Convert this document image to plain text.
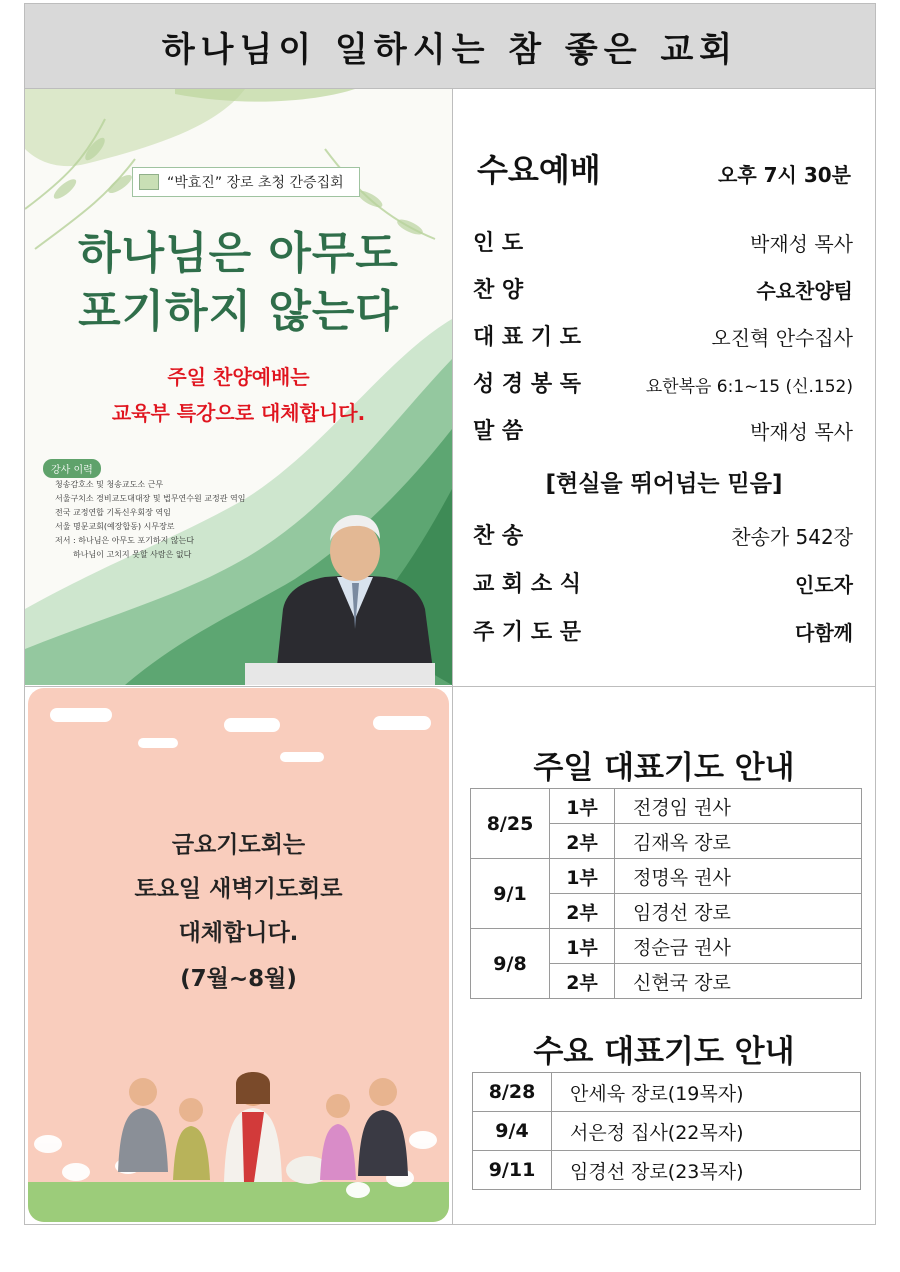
하나님이 일하시는 참 좋은 교회
“박효진” 장로 초청 간증집회
하나님은 아무도
포기하지 않는다
주일 찬양예배는
교육부 특강으로 대체합니다.
강사 이력
청송감호소 및 청송교도소 근무
서울구치소 경비교도대대장 및 법무연수원 교정관 역임
전국 교정연합 기독신우회장 역임
서울 명문교회(예장합동) 시무장로
저서 : 하나님은 아무도 포기하지 않는다
하나님이 고치지 못할 사람은 없다
수요예배	오후 7시 30분
인 도	박재성 목사
찬 양	수요찬양팀
대 표 기 도	오진혁 안수집사
성 경 봉 독	요한복음 6:1~15 (신.152)
말 씀	박재성 목사
[현실을 뛰어넘는 믿음]
찬 송	찬송가 542장
교 회 소 식	인도자
주 기 도 문	다함께
금요기도회는
토요일 새벽기도회로
대체합니다.
(7월~8월)
주일 대표기도 안내
8/25	1부	전경임 권사
	2부	김재옥 장로
9/1	1부	정명옥 권사
	2부	임경선 장로
9/8	1부	정순금 권사
	2부	신현국 장로
수요 대표기도 안내
8/28	안세욱 장로(19목자)
9/4	서은정 집사(22목자)
9/11	임경선 장로(23목자)
